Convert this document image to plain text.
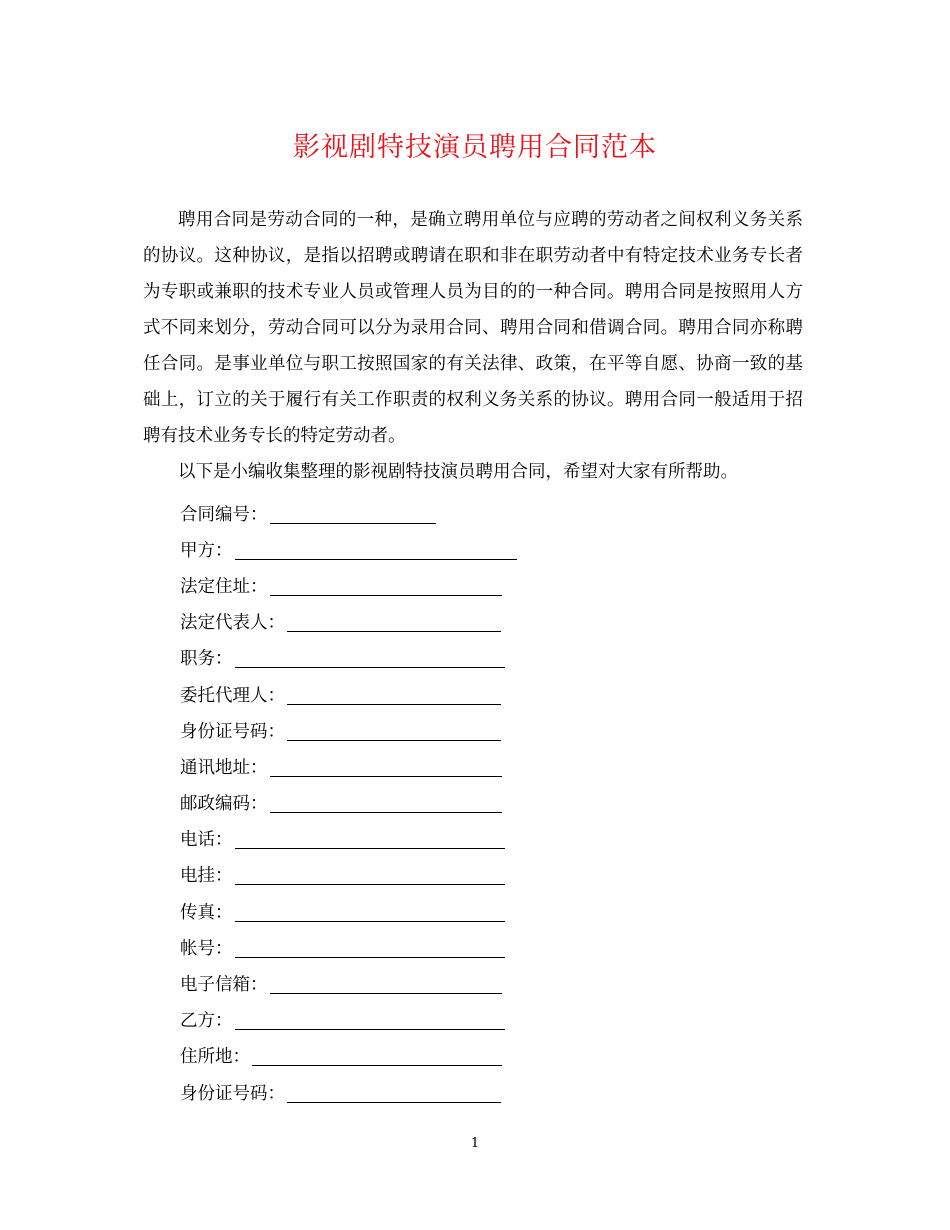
影视剧特技演员聘用合同范本

聘用合同是劳动合同的一种，是确立聘用单位与应聘的劳动者之间权利义务关系的协议。这种协议，是指以招聘或聘请在职和非在职劳动者中有特定技术业务专长者为专职或兼职的技术专业人员或管理人员为目的的一种合同。聘用合同是按照用人方式不同来划分，劳动合同可以分为录用合同、聘用合同和借调合同。聘用合同亦称聘任合同。是事业单位与职工按照国家的有关法律、政策，在平等自愿、协商一致的基础上，订立的关于履行有关工作职责的权利义务关系的协议。聘用合同一般适用于招聘有技术业务专长的特定劳动者。

以下是小编收集整理的影视剧特技演员聘用合同，希望对大家有所帮助。

合同编号：
甲方：
法定住址：
法定代表人：
职务：
委托代理人：
身份证号码：
通讯地址：
邮政编码：
电话：
电挂：
传真：
帐号：
电子信箱：
乙方：
住所地：
身份证号码：
1
